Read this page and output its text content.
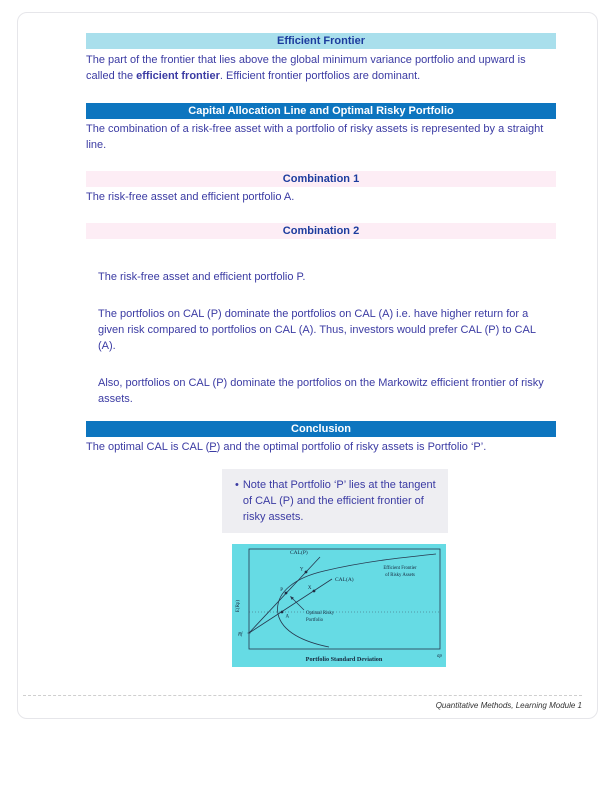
Efficient Frontier

The part of the frontier that lies above the global minimum variance portfolio and upward is called the efficient frontier. Efficient frontier portfolios are dominant.

Capital Allocation Line and Optimal Risky Portfolio

The combination of a risk-free asset with a portfolio of risky assets is represented by a straight line.

Combination 1

The risk-free asset and efficient portfolio A.

Combination 2

The risk-free asset and efficient portfolio P.

The portfolios on CAL (P) dominate the portfolios on CAL (A) i.e. have higher return for a given risk compared to portfolios on CAL (A). Thus, investors would prefer CAL (P) to CAL (A).

Also, portfolios on CAL (P) dominate the portfolios on the Markowitz efficient frontier of risky assets.

Conclusion

The optimal CAL is CAL (P) and the optimal portfolio of risky assets is Portfolio ‘P’.

• Note that Portfolio ‘P’ lies at the tangent of CAL (P) and the efficient frontier of risky assets.
CAL(P)
CAL(A)
Efficient Frontier
of Risky Assets
Optimal Risky
Portfolio
E(Rp)
Rf
σp
Portfolio Standard Deviation
P
A
Y
X
Quantitative Methods, Learning Module 1
